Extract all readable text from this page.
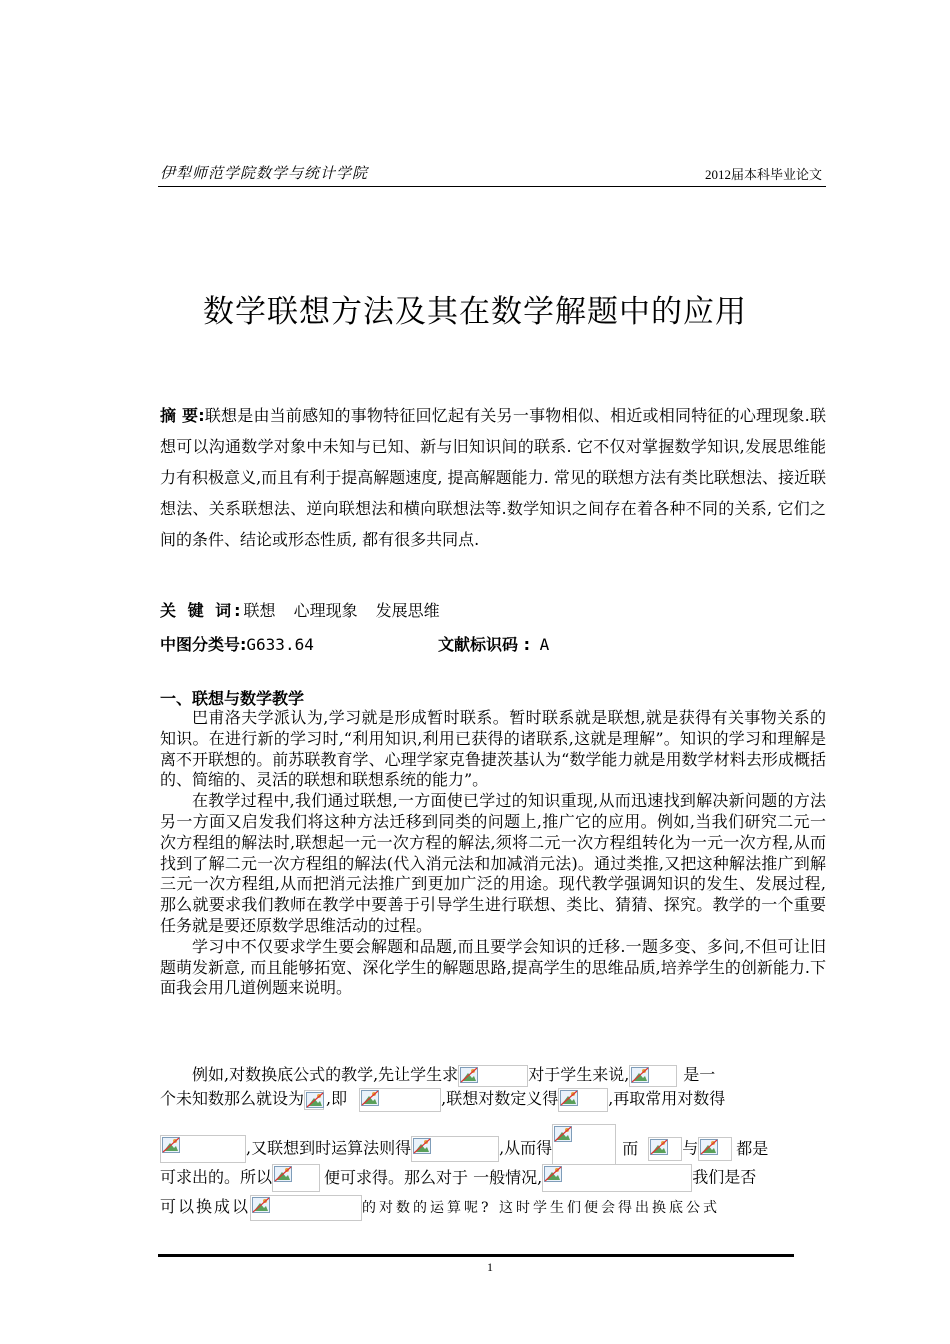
伊犁师范学院数学与统计学院	2012届本科毕业论文
数学联想方法及其在数学解题中的应用
摘 要:联想是由当前感知的事物特征回忆起有关另一事物相似、相近或相同特征的心理现象.联想可以沟通数学对象中未知与已知、新与旧知识间的联系. 它不仅对掌握数学知识,发展思维能力有积极意义,而且有利于提高解题速度, 提高解题能力. 常见的联想方法有类比联想法、接近联想法、关系联想法、逆向联想法和横向联想法等.数学知识之间存在着各种不同的关系, 它们之间的条件、结论或形态性质, 都有很多共同点.
关 键 词:联想 心理现象 发展思维
中图分类号:G633.64	文献标识码 : A
一、联想与数学教学

巴甫洛夫学派认为,学习就是形成暂时联系。暂时联系就是联想,就是获得有关事物关系的知识。在进行新的学习时,“利用知识,利用已获得的诸联系,这就是理解”。知识的学习和理解是离不开联想的。前苏联教育学、心理学家克鲁捷茨基认为“数学能力就是用数学材料去形成概括的、简缩的、灵活的联想和联想系统的能力”。

在教学过程中,我们通过联想,一方面使已学过的知识重现,从而迅速找到解决新问题的方法另一方面又启发我们将这种方法迁移到同类的问题上,推广它的应用。例如,当我们研究二元一次方程组的解法时,联想起一元一次方程的解法,须将二元一次方程组转化为一元一次方程,从而找到了解二元一次方程组的解法(代入消元法和加减消元法)。通过类推,又把这种解法推广到解三元一次方程组,从而把消元法推广到更加广泛的用途。现代教学强调知识的发生、发展过程,那么就要求我们教师在教学中要善于引导学生进行联想、类比、猜猜、探究。教学的一个重要任务就是要还原数学思维活动的过程。

学习中不仅要求学生要会解题和品题,而且要学会知识的迁移.一题多变、多问,不但可让旧题萌发新意, 而且能够拓宽、深化学生的解题思路,提高学生的思维品质,培养学生的创新能力.下面我会用几道例题来说明。

例如,对数换底公式的教学,先让学生求	对于学生来说,	是一
个未知数那么就设为 ,即	,联想对数定义得	,再取常用对数得
,又联想到时运算法则得	,从而得	而	与 都是
可求出的。所以	便可求得。那么对于 一般情况,	我们是否
可以换成以	的对数的运算呢? 这时学生们便会得出换底公式
1
